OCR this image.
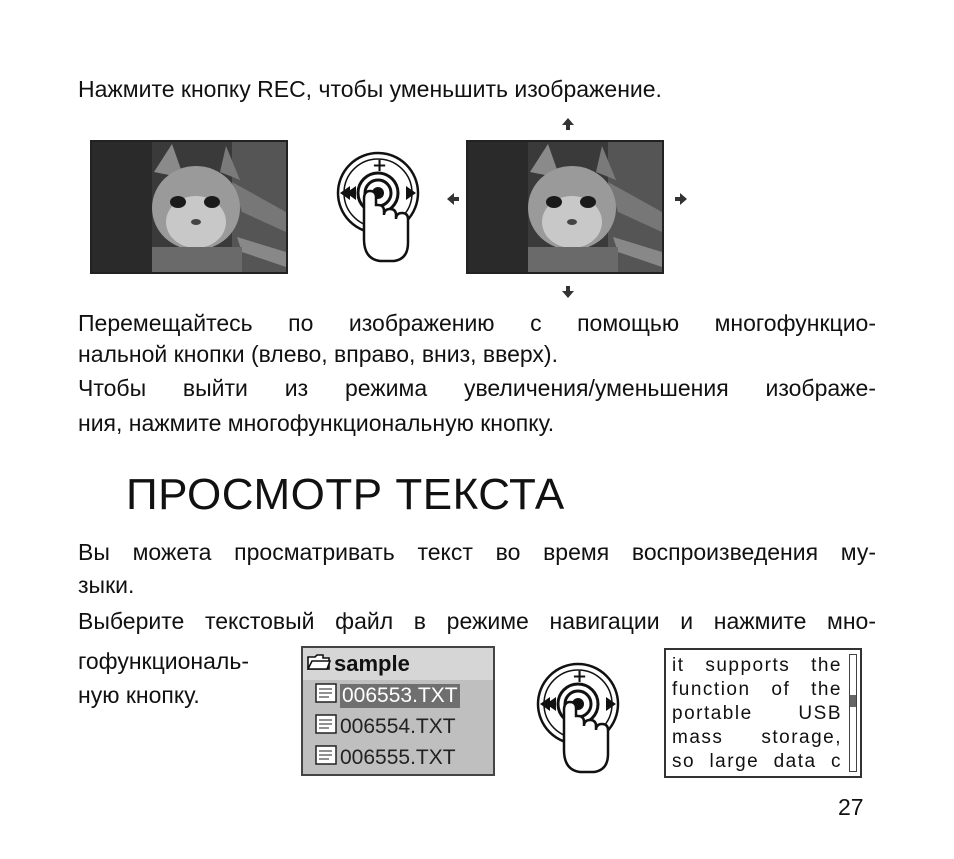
Нажмите кнопку REC, чтобы уменьшить изображение.

+

Перемещайтесь по изображению с помощью многофункцио-

нальной кнопки (влево, вправо, вниз, вверх).

Чтобы выйти из режима увеличения/уменьшения изображе-

ния, нажмите многофункциональную кнопку.

ПРОСМОТР ТЕКСТА

Вы можета просматривать текст во время воспроизведения му-

зыки.

Выберите текстовый файл в режиме навигации и нажмите мно-

гофункциональ-

ную кнопку.

sample
006553.TXT
006554.TXT
006555.TXT
+
it supports the
function of the
portable USB
mass storage,
so large data c
27
